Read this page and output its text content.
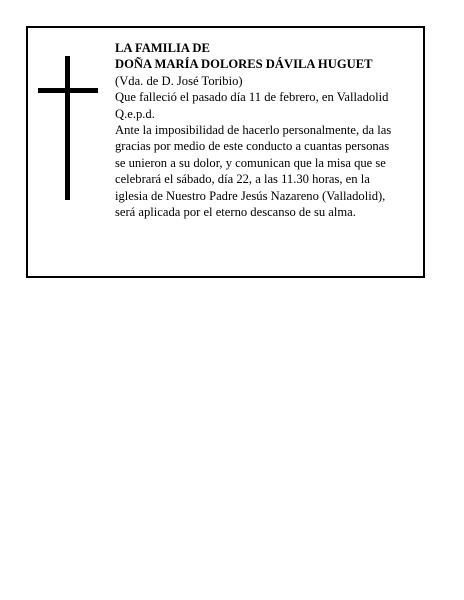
LA FAMILIA DE
DOÑA MARÍA DOLORES DÁVILA HUGUET
(Vda. de D. José Toribio)
Que falleció el pasado día 11 de febrero, en Valladolid
Q.e.p.d.
Ante la imposibilidad de hacerlo personalmente, da las
gracias por medio de este conducto a cuantas personas
se unieron a su dolor, y comunican que la misa que se
celebrará el sábado, día 22, a las 11.30 horas, en la
iglesia de Nuestro Padre Jesús Nazareno (Valladolid),
será aplicada por el eterno descanso de su alma.
